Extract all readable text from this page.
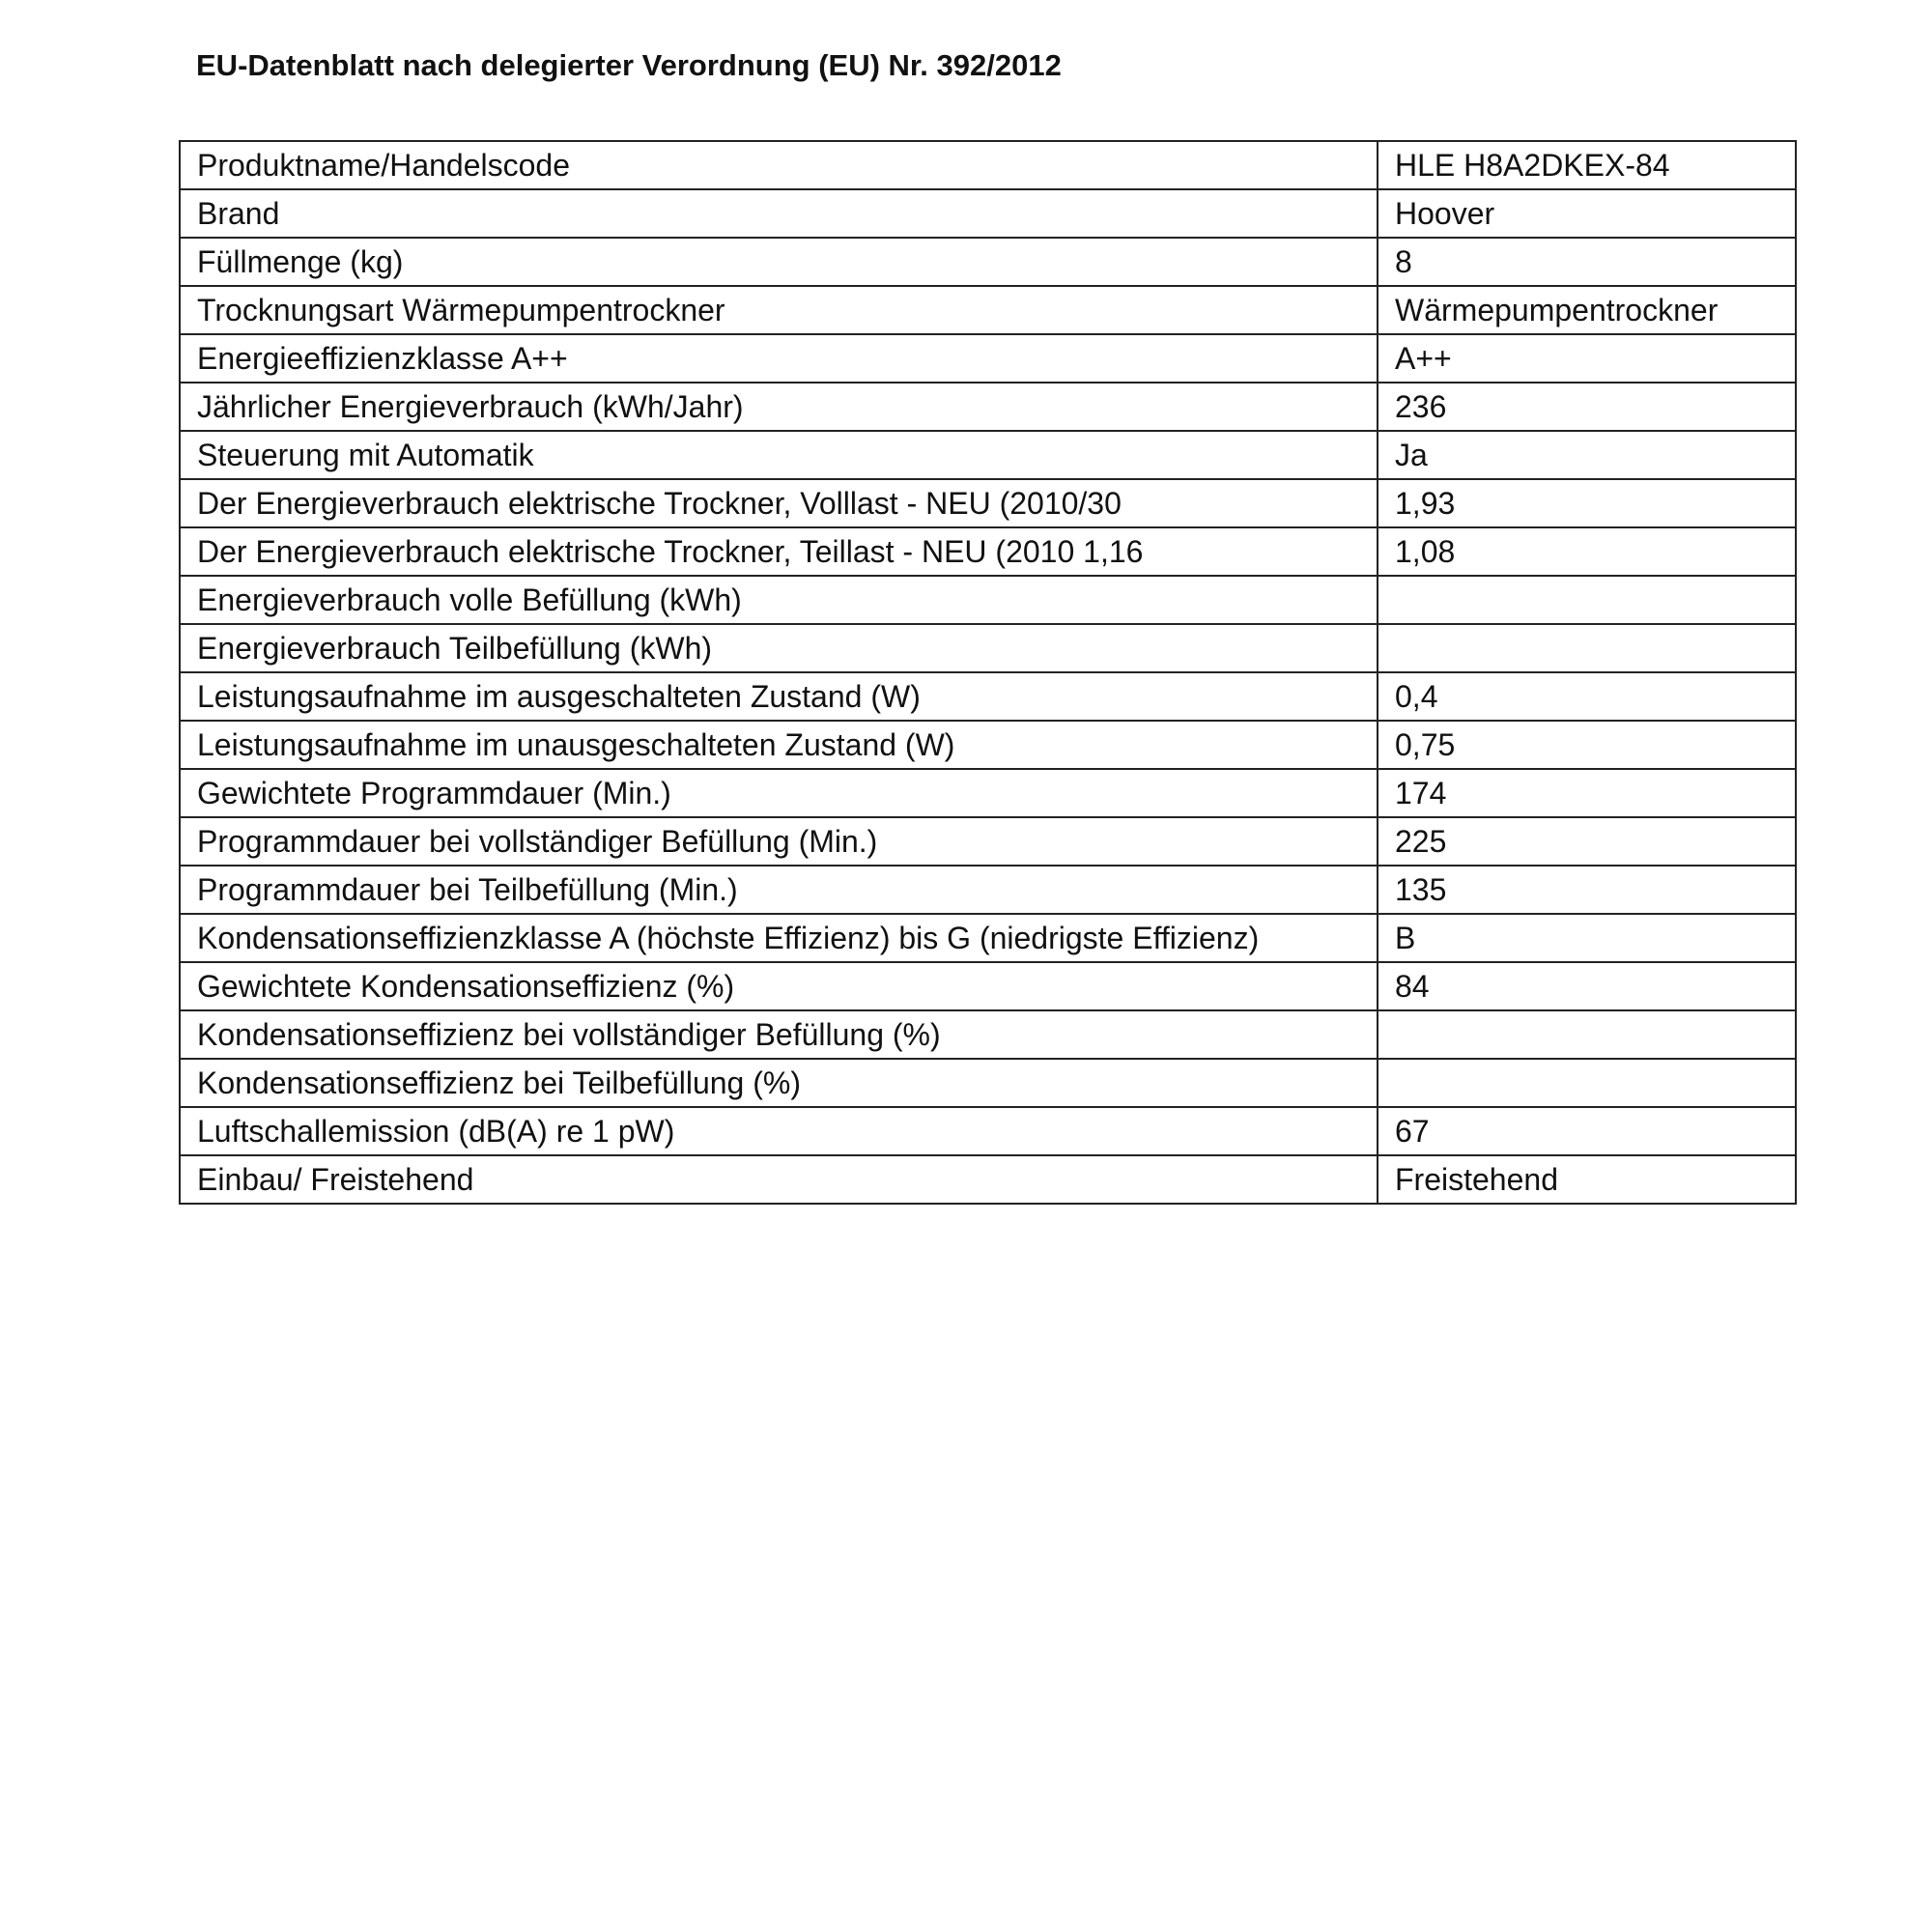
EU-Datenblatt nach delegierter Verordnung (EU) Nr. 392/2012
Produktname/Handelscode	HLE H8A2DKEX-84
Brand	Hoover
Füllmenge (kg)	8
Trocknungsart Wärmepumpentrockner	Wärmepumpentrockner
Energieeffizienzklasse A++	A++
Jährlicher Energieverbrauch (kWh/Jahr)	236
Steuerung mit Automatik	Ja
Der Energieverbrauch elektrische Trockner, Volllast - NEU (2010/30	1,93
Der Energieverbrauch elektrische Trockner, Teillast - NEU (2010 1,16	1,08
Energieverbrauch volle Befüllung (kWh)	
Energieverbrauch Teilbefüllung (kWh)	
Leistungsaufnahme im ausgeschalteten Zustand (W)	0,4
Leistungsaufnahme im unausgeschalteten Zustand (W)	0,75
Gewichtete Programmdauer (Min.)	174
Programmdauer bei vollständiger Befüllung (Min.)	225
Programmdauer bei Teilbefüllung (Min.)	135
Kondensationseffizienzklasse A (höchste Effizienz) bis G (niedrigste Effizienz)	B
Gewichtete Kondensationseffizienz (%)	84
Kondensationseffizienz bei vollständiger Befüllung (%)	
Kondensationseffizienz bei Teilbefüllung (%)	
Luftschallemission (dB(A) re 1 pW)	67
Einbau/ Freistehend	Freistehend
